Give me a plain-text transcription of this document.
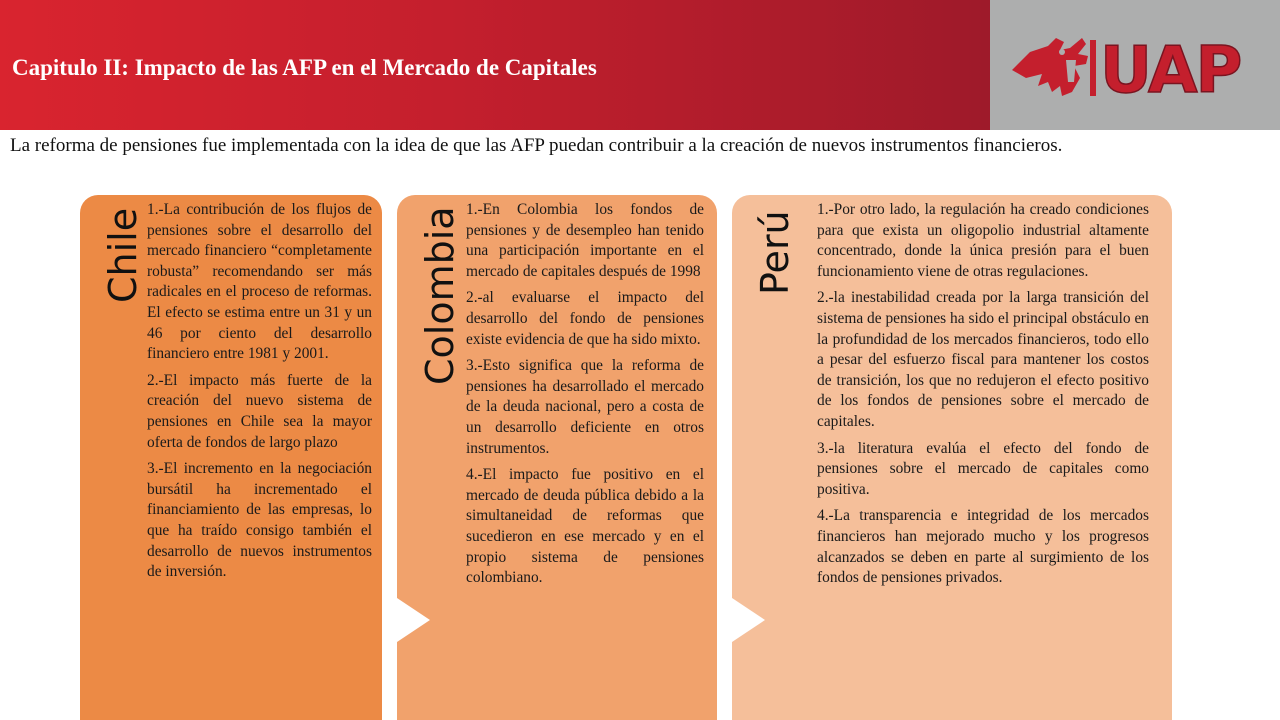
Capitulo II: Impacto de las AFP en el Mercado de Capitales	UAP

La reforma de pensiones fue implementada con la idea de que las AFP puedan contribuir a la creación de nuevos instrumentos financieros.

Chile 1.-La contribución de los flujos de pensiones sobre el desarrollo del mercado financiero “completamente robusta” recomendando ser más radicales en el proceso de reformas. El efecto se estima entre un 31 y un 46 por ciento del desarrollo financiero entre 1981 y 2001.

2.-El impacto más fuerte de la creación del nuevo sistema de pensiones en Chile sea la mayor oferta de fondos de largo plazo

3.-El incremento en la negociación bursátil ha incrementado el financiamiento de las empresas, lo que ha traído consigo también el desarrollo de nuevos instrumentos de inversión.

Colombia 1.-En Colombia los fondos de pensiones y de desempleo han tenido una participación importante en el mercado de capitales después de 1998

2.-al evaluarse el impacto del desarrollo del fondo de pensiones existe evidencia de que ha sido mixto.

3.-Esto significa que la reforma de pensiones ha desarrollado el mercado de la deuda nacional, pero a costa de un desarrollo deficiente en otros instrumentos.

4.-El impacto fue positivo en el mercado de deuda pública debido a la simultaneidad de reformas que sucedieron en ese mercado y en el propio sistema de pensiones colombiano.

Perú

1.-Por otro lado, la regulación ha creado condiciones para que exista un oligopolio industrial altamente concentrado, donde la única presión para el buen funcionamiento viene de otras regulaciones.

2.-la inestabilidad creada por la larga transición del sistema de pensiones ha sido el principal obstáculo en la profundidad de los mercados financieros, todo ello a pesar del esfuerzo fiscal para mantener los costos de transición, los que no redujeron el efecto positivo de los fondos de pensiones sobre el mercado de capitales.

3.-la literatura evalúa el efecto del fondo de pensiones sobre el mercado de capitales como positiva.

4.-La transparencia e integridad de los mercados financieros han mejorado mucho y los progresos alcanzados se deben en parte al surgimiento de los fondos de pensiones privados.
